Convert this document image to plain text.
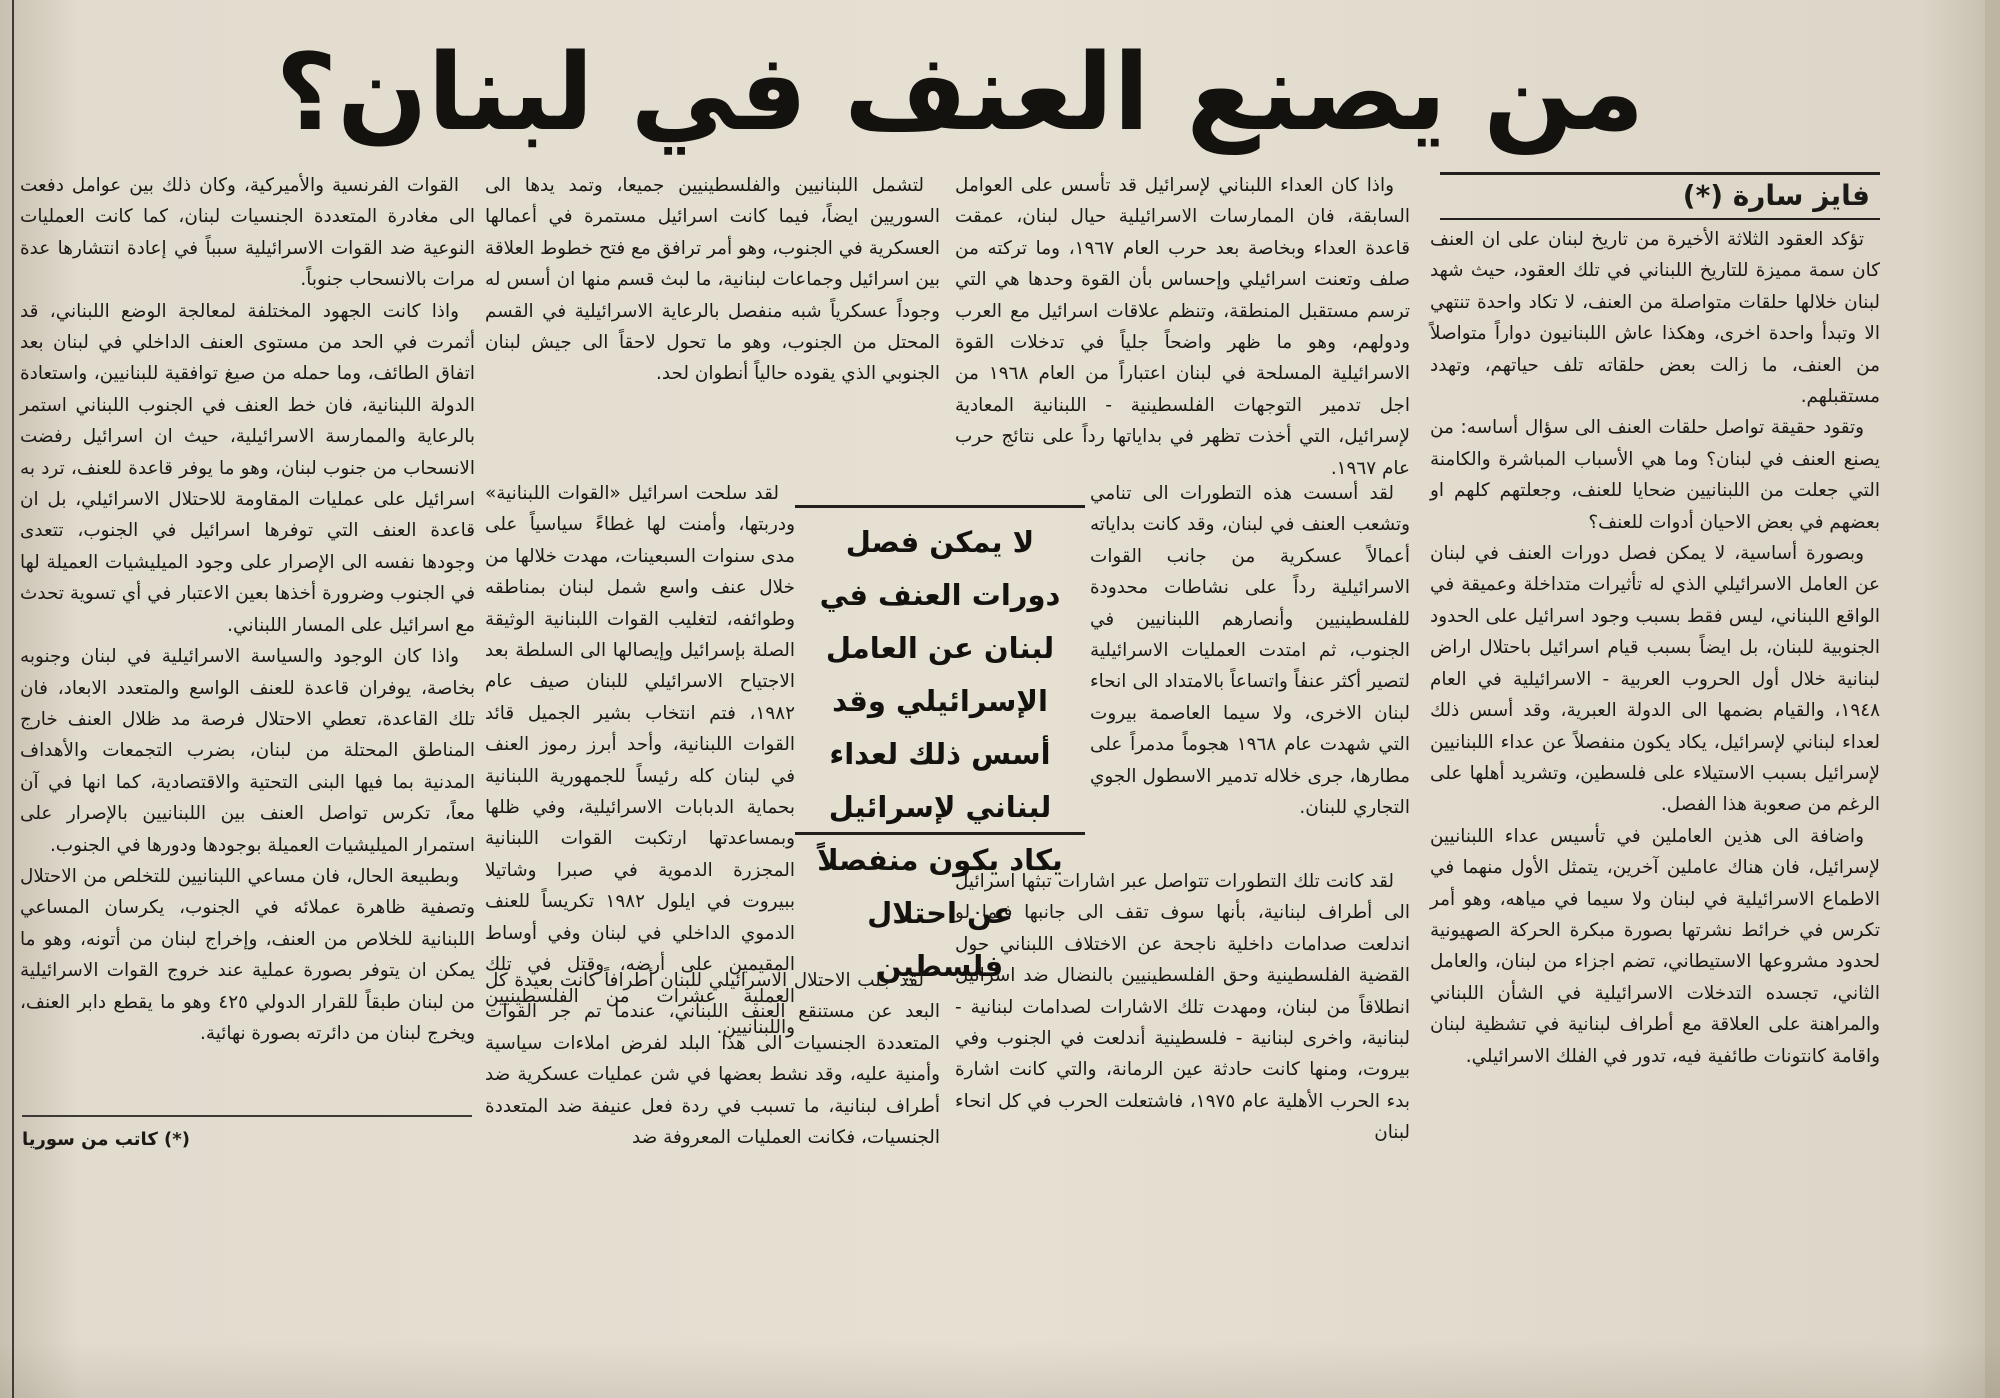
من يصنع العنف في لبنان؟
فايز سارة (*)

تؤكد العقود الثلاثة الأخيرة من تاريخ لبنان على ان العنف كان سمة مميزة للتاريخ اللبناني في تلك العقود، حيث شهد لبنان خلالها حلقات متواصلة من العنف، لا تكاد واحدة تنتهي الا وتبدأ واحدة اخرى، وهكذا عاش اللبنانيون دواراً متواصلاً من العنف، ما زالت بعض حلقاته تلف حياتهم، وتهدد مستقبلهم.

وتقود حقيقة تواصل حلقات العنف الى سؤال أساسه: من يصنع العنف في لبنان؟ وما هي الأسباب المباشرة والكامنة التي جعلت من اللبنانيين ضحايا للعنف، وجعلتهم كلهم او بعضهم في بعض الاحيان أدوات للعنف؟

وبصورة أساسية، لا يمكن فصل دورات العنف في لبنان عن العامل الاسرائيلي الذي له تأثيرات متداخلة وعميقة في الواقع اللبناني، ليس فقط بسبب وجود اسرائيل على الحدود الجنوبية للبنان، بل ايضاً بسبب قيام اسرائيل باحتلال اراض لبنانية خلال أول الحروب العربية - الاسرائيلية في العام ١٩٤٨، والقيام بضمها الى الدولة العبرية، وقد أسس ذلك لعداء لبناني لإسرائيل، يكاد يكون منفصلاً عن عداء اللبنانيين لإسرائيل بسبب الاستيلاء على فلسطين، وتشريد أهلها على الرغم من صعوبة هذا الفصل.

واضافة الى هذين العاملين في تأسيس عداء اللبنانيين لإسرائيل، فان هناك عاملين آخرين، يتمثل الأول منهما في الاطماع الاسرائيلية في لبنان ولا سيما في مياهه، وهو أمر تكرس في خرائط نشرتها بصورة مبكرة الحركة الصهيونية لحدود مشروعها الاستيطاني، تضم اجزاء من لبنان، والعامل الثاني، تجسده التدخلات الاسرائيلية في الشأن اللبناني والمراهنة على العلاقة مع أطراف لبنانية في تشظية لبنان واقامة كانتونات طائفية فيه، تدور في الفلك الاسرائيلي.

واذا كان العداء اللبناني لإسرائيل قد تأسس على العوامل السابقة، فان الممارسات الاسرائيلية حيال لبنان، عمقت قاعدة العداء وبخاصة بعد حرب العام ١٩٦٧، وما تركته من صلف وتعنت اسرائيلي وإحساس بأن القوة وحدها هي التي ترسم مستقبل المنطقة، وتنظم علاقات اسرائيل مع العرب ودولهم، وهو ما ظهر واضحاً جلياً في تدخلات القوة الاسرائيلية المسلحة في لبنان اعتباراً من العام ١٩٦٨ من اجل تدمير التوجهات الفلسطينية - اللبنانية المعادية لإسرائيل، التي أخذت تظهر في بداياتها رداً على نتائج حرب عام ١٩٦٧.

لقد أسست هذه التطورات الى تنامي وتشعب العنف في لبنان، وقد كانت بداياته أعمالاً عسكرية من جانب القوات الاسرائيلية رداً على نشاطات محدودة للفلسطينيين وأنصارهم اللبنانيين في الجنوب، ثم امتدت العمليات الاسرائيلية لتصير أكثر عنفاً واتساعاً بالامتداد الى انحاء لبنان الاخرى، ولا سيما العاصمة بيروت التي شهدت عام ١٩٦٨ هجوماً مدمراً على مطارها، جرى خلاله تدمير الاسطول الجوي التجاري للبنان.

لقد كانت تلك التطورات تتواصل عبر اشارات تبثها اسرائيل الى أطراف لبنانية، بأنها سوف تقف الى جانبها فيما لو اندلعت صدامات داخلية ناجحة عن الاختلاف اللبناني حول القضية الفلسطينية وحق الفلسطينيين بالنضال ضد اسرائيل انطلاقاً من لبنان، ومهدت تلك الاشارات لصدامات لبنانية - لبنانية، واخرى لبنانية - فلسطينية أندلعت في الجنوب وفي بيروت، ومنها كانت حادثة عين الرمانة، والتي كانت اشارة بدء الحرب الأهلية عام ١٩٧٥، فاشتعلت الحرب في كل انحاء لبنان

لا يمكن فصل دورات العنف في لبنان عن العامل الإسرائيلي وقد أسس ذلك لعداء لبناني لإسرائيل يكاد يكون منفصلاً عن احتلال فلسطين

لتشمل اللبنانيين والفلسطينيين جميعا، وتمد يدها الى السوريين ايضاً، فيما كانت اسرائيل مستمرة في أعمالها العسكرية في الجنوب، وهو أمر ترافق مع فتح خطوط العلاقة بين اسرائيل وجماعات لبنانية، ما لبث قسم منها ان أسس له وجوداً عسكرياً شبه منفصل بالرعاية الاسرائيلية في القسم المحتل من الجنوب، وهو ما تحول لاحقاً الى جيش لبنان الجنوبي الذي يقوده حالياً أنطوان لحد.

لقد سلحت اسرائيل «القوات اللبنانية» ودربتها، وأمنت لها غطاءً سياسياً على مدى سنوات السبعينات، مهدت خلالها من خلال عنف واسع شمل لبنان بمناطقه وطوائفه، لتغليب القوات اللبنانية الوثيقة الصلة بإسرائيل وإيصالها الى السلطة بعد الاجتياح الاسرائيلي للبنان صيف عام ١٩٨٢، فتم انتخاب بشير الجميل قائد القوات اللبنانية، وأحد أبرز رموز العنف في لبنان كله رئيساً للجمهورية اللبنانية بحماية الدبابات الاسرائيلية، وفي ظلها وبمساعدتها ارتكبت القوات اللبنانية المجزرة الدموية في صبرا وشاتيلا ببيروت في ايلول ١٩٨٢ تكريساً للعنف الدموي الداخلي في لبنان وفي أوساط المقيمين على أرضه، وقتل في تلك العملية عشرات من الفلسطينيين واللبنانيين.

لقد جلب الاحتلال الاسرائيلي للبنان أطرافاً كانت بعيدة كل البعد عن مستنقع العنف اللبناني، عندما تم جر القوات المتعددة الجنسيات الى هذا البلد لفرض املاءات سياسية وأمنية عليه، وقد نشط بعضها في شن عمليات عسكرية ضد أطراف لبنانية، ما تسبب في ردة فعل عنيفة ضد المتعددة الجنسيات، فكانت العمليات المعروفة ضد

القوات الفرنسية والأميركية، وكان ذلك بين عوامل دفعت الى مغادرة المتعددة الجنسيات لبنان، كما كانت العمليات النوعية ضد القوات الاسرائيلية سبباً في إعادة انتشارها عدة مرات بالانسحاب جنوباً.

واذا كانت الجهود المختلفة لمعالجة الوضع اللبناني، قد أثمرت في الحد من مستوى العنف الداخلي في لبنان بعد اتفاق الطائف، وما حمله من صيغ توافقية للبنانيين، واستعادة الدولة اللبنانية، فان خط العنف في الجنوب اللبناني استمر بالرعاية والممارسة الاسرائيلية، حيث ان اسرائيل رفضت الانسحاب من جنوب لبنان، وهو ما يوفر قاعدة للعنف، ترد به اسرائيل على عمليات المقاومة للاحتلال الاسرائيلي، بل ان قاعدة العنف التي توفرها اسرائيل في الجنوب، تتعدى وجودها نفسه الى الإصرار على وجود الميليشيات العميلة لها في الجنوب وضرورة أخذها بعين الاعتبار في أي تسوية تحدث مع اسرائيل على المسار اللبناني.

واذا كان الوجود والسياسة الاسرائيلية في لبنان وجنوبه بخاصة، يوفران قاعدة للعنف الواسع والمتعدد الابعاد، فان تلك القاعدة، تعطي الاحتلال فرصة مد ظلال العنف خارج المناطق المحتلة من لبنان، بضرب التجمعات والأهداف المدنية بما فيها البنى التحتية والاقتصادية، كما انها في آن معاً، تكرس تواصل العنف بين اللبنانيين بالإصرار على استمرار الميليشيات العميلة بوجودها ودورها في الجنوب.

وبطبيعة الحال، فان مساعي اللبنانيين للتخلص من الاحتلال وتصفية ظاهرة عملائه في الجنوب، يكرسان المساعي اللبنانية للخلاص من العنف، وإخراج لبنان من أتونه، وهو ما يمكن ان يتوفر بصورة عملية عند خروج القوات الاسرائيلية من لبنان طبقاً للقرار الدولي ٤٢٥ وهو ما يقطع دابر العنف، ويخرج لبنان من دائرته بصورة نهائية.

(*) كاتب من سوريا
